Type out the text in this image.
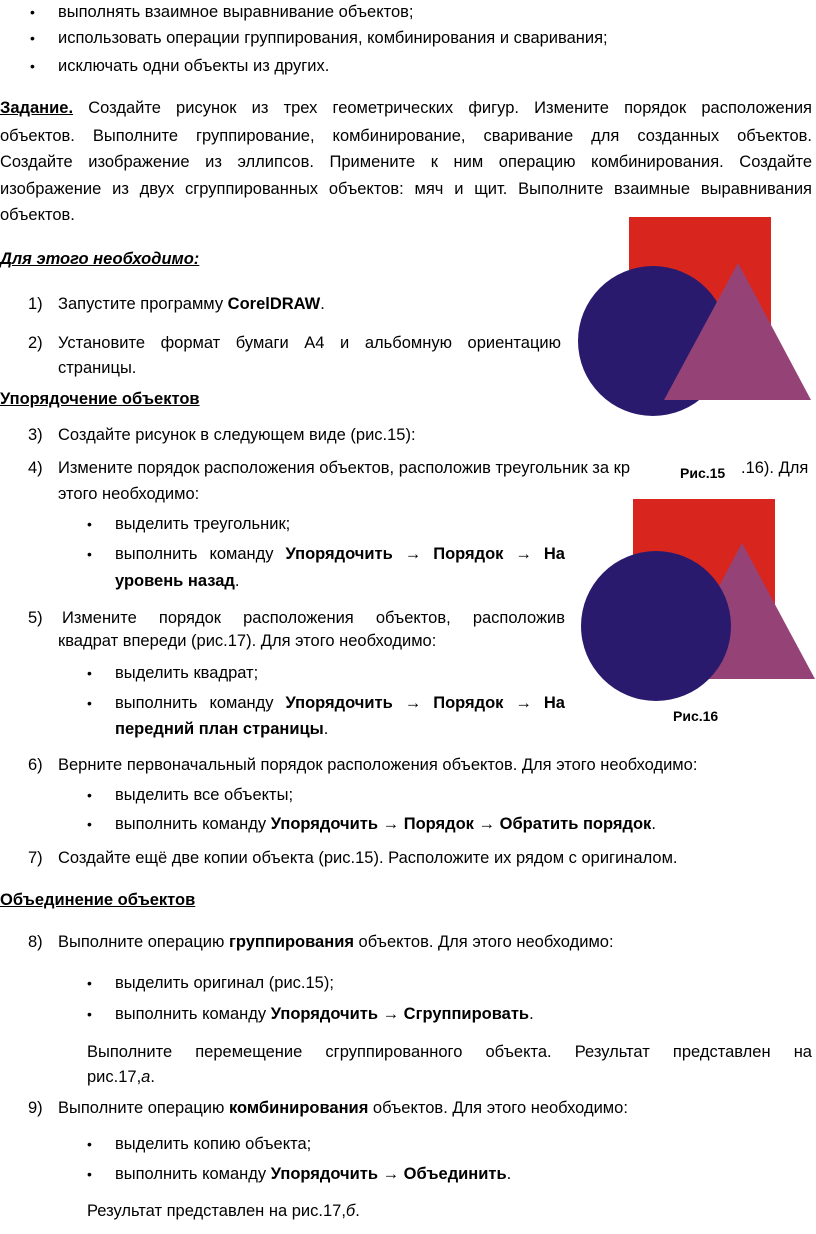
• выполнять взаимное выравнивание объектов;
• использовать операции группирования, комбинирования и сваривания;
• исключать одни объекты из других.
Задание. Создайте рисунок из трех геометрических фигур. Измените порядок расположения
объектов. Выполните группирование, комбинирование, сваривание для созданных объектов.
Создайте изображение из эллипсов. Примените к ним операцию комбинирования. Создайте
изображение из двух сгруппированных объектов: мяч и щит. Выполните взаимные выравнивания
объектов.
Для этого необходимо:
1) Запустите программу CorelDRAW.
2) Установите формат бумаги А4 и альбомную ориентацию
страницы.
Упорядочение объектов
3) Создайте рисунок в следующем виде (рис.15):
4) Измените порядок расположения объектов, расположив треугольник за кр	.16). Для
этого необходимо:
• выделить треугольник;
• выполнить команду Упорядочить → Порядок → На
уровень назад.
5) Измените порядок расположения объектов, расположив
квадрат впереди (рис.17). Для этого необходимо:
• выделить квадрат;
• выполнить команду Упорядочить → Порядок → На
передний план страницы.
6) Верните первоначальный порядок расположения объектов. Для этого необходимо:
• выделить все объекты;
• выполнить команду Упорядочить → Порядок → Обратить порядок.
7) Создайте ещё две копии объекта (рис.15). Расположите их рядом с оригиналом.
Объединение объектов
8) Выполните операцию группирования объектов. Для этого необходимо:
• выделить оригинал (рис.15);
• выполнить команду Упорядочить → Сгруппировать.
Выполните перемещение сгруппированного объекта. Результат представлен на
рис.17,а.
9) Выполните операцию комбинирования объектов. Для этого необходимо:
• выделить копию объекта;
• выполнить команду Упорядочить → Объединить.
Результат представлен на рис.17,б.
Рис.15
Рис.16
